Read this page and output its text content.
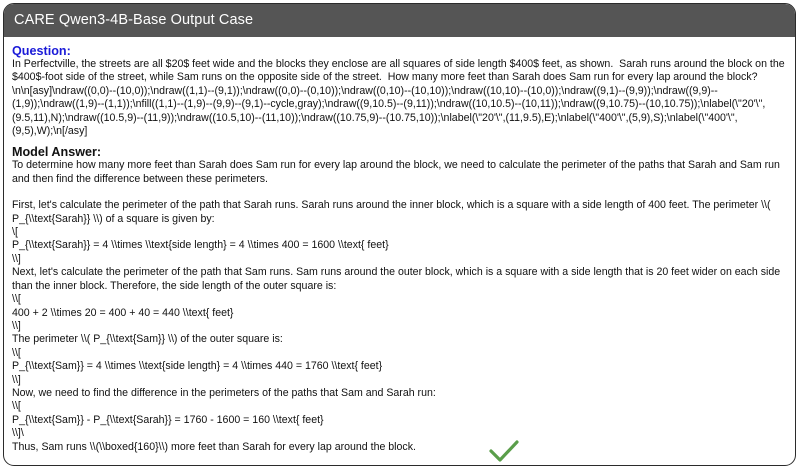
CARE Qwen3-4B-Base Output Case
Question:
In Perfectville, the streets are all $20$ feet wide and the blocks they enclose are all squares of side length $400$ feet, as shown.  Sarah runs around the block on the $400$-foot side of the street, while Sam runs on the opposite side of the street.  How many more feet than Sarah does Sam run for every lap around the block?\n\n[asy]\ndraw((0,0)--(10,0));\ndraw((1,1)--(9,1));\ndraw((0,0)--(0,10));\ndraw((0,10)--(10,10));\ndraw((10,10)--(10,0));\ndraw((9,1)--(9,9));\ndraw((9,9)--(1,9));\ndraw((1,9)--(1,1));\nfill((1,1)--(1,9)--(9,9)--(9,1)--cycle,gray);\ndraw((9,10.5)--(9,11));\ndraw((10,10.5)--(10,11));\ndraw((9,10.75)--(10,10.75));\nlabel(\"20'\",(9.5,11),N);\ndraw((10.5,9)--(11,9));\ndraw((10.5,10)--(11,10));\ndraw((10.75,9)--(10.75,10));\nlabel(\"20'\",(11,9.5),E);\nlabel(\"400'\",(5,9),S);\nlabel(\"400'\",(9,5),W);\n[/asy]
Model Answer:
To determine how many more feet than Sarah does Sam run for every lap around the block, we need to calculate the perimeter of the paths that Sarah and Sam run and then find the difference between these perimeters.
First, let's calculate the perimeter of the path that Sarah runs. Sarah runs around the inner block, which is a square with a side length of 400 feet. The perimeter \\( P_{\\text{Sarah}} \\) of a square is given by:
\[
P_{\\text{Sarah}} = 4 \\times \\text{side length} = 4 \\times 400 = 1600 \\text{ feet}
\\]
Next, let's calculate the perimeter of the path that Sam runs. Sam runs around the outer block, which is a square with a side length that is 20 feet wider on each side than the inner block. Therefore, the side length of the outer square is:
\\[
400 + 2 \\times 20 = 400 + 40 = 440 \\text{ feet}
\\]
The perimeter \\( P_{\\text{Sam}} \\) of the outer square is:
\\[
P_{\\text{Sam}} = 4 \\times \\text{side length} = 4 \\times 440 = 1760 \\text{ feet}
\\]
Now, we need to find the difference in the perimeters of the paths that Sam and Sarah run:
\\[
P_{\\text{Sam}} - P_{\\text{Sarah}} = 1760 - 1600 = 160 \\text{ feet}
\\]\
Thus, Sam runs \\(\\boxed{160}\\) more feet than Sarah for every lap around the block.
